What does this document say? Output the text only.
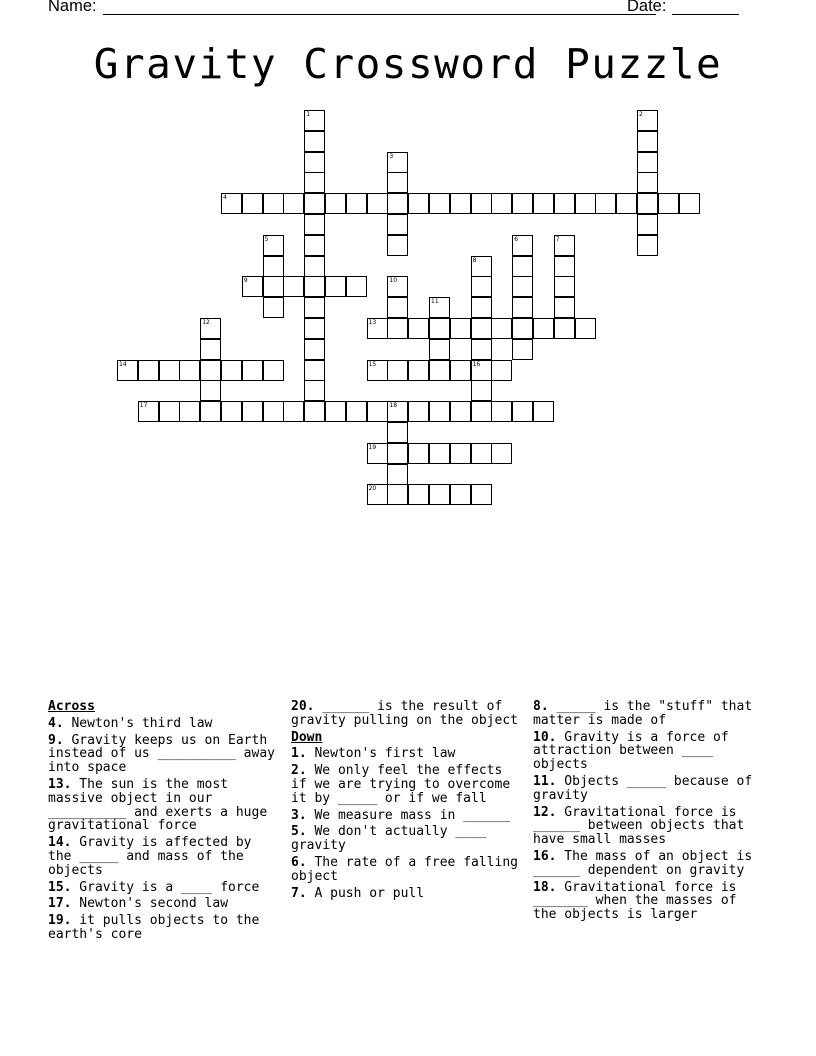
Name:	Date:
Gravity Crossword Puzzle
4
9
13
14	15	16
17	18
19
20
1	2
3
5	6	7
8
10
11
12
Across
4. Newton's third law
9. Gravity keeps us on Earth instead of us __________ away into space
13. The sun is the most massive object in our __________ and exerts a huge gravitational force
14. Gravity is affected by the _____ and mass of the objects
15. Gravity is a ____ force
17. Newton's second law
19. it pulls objects to the earth's core
20. ______ is the result of gravity pulling on the object
Down
1. Newton's first law
2. We only feel the effects if we are trying to overcome it by _____ or if we fall
3. We measure mass in ______
5. We don't actually ____ gravity
6. The rate of a free falling object
7. A push or pull
8. _____ is the "stuff" that matter is made of
10. Gravity is a force of attraction between ____ objects
11. Objects _____ because of gravity
12. Gravitational force is ______ between objects that have small masses
16. The mass of an object is ______ dependent on gravity
18. Gravitational force is _______ when the masses of the objects is larger
